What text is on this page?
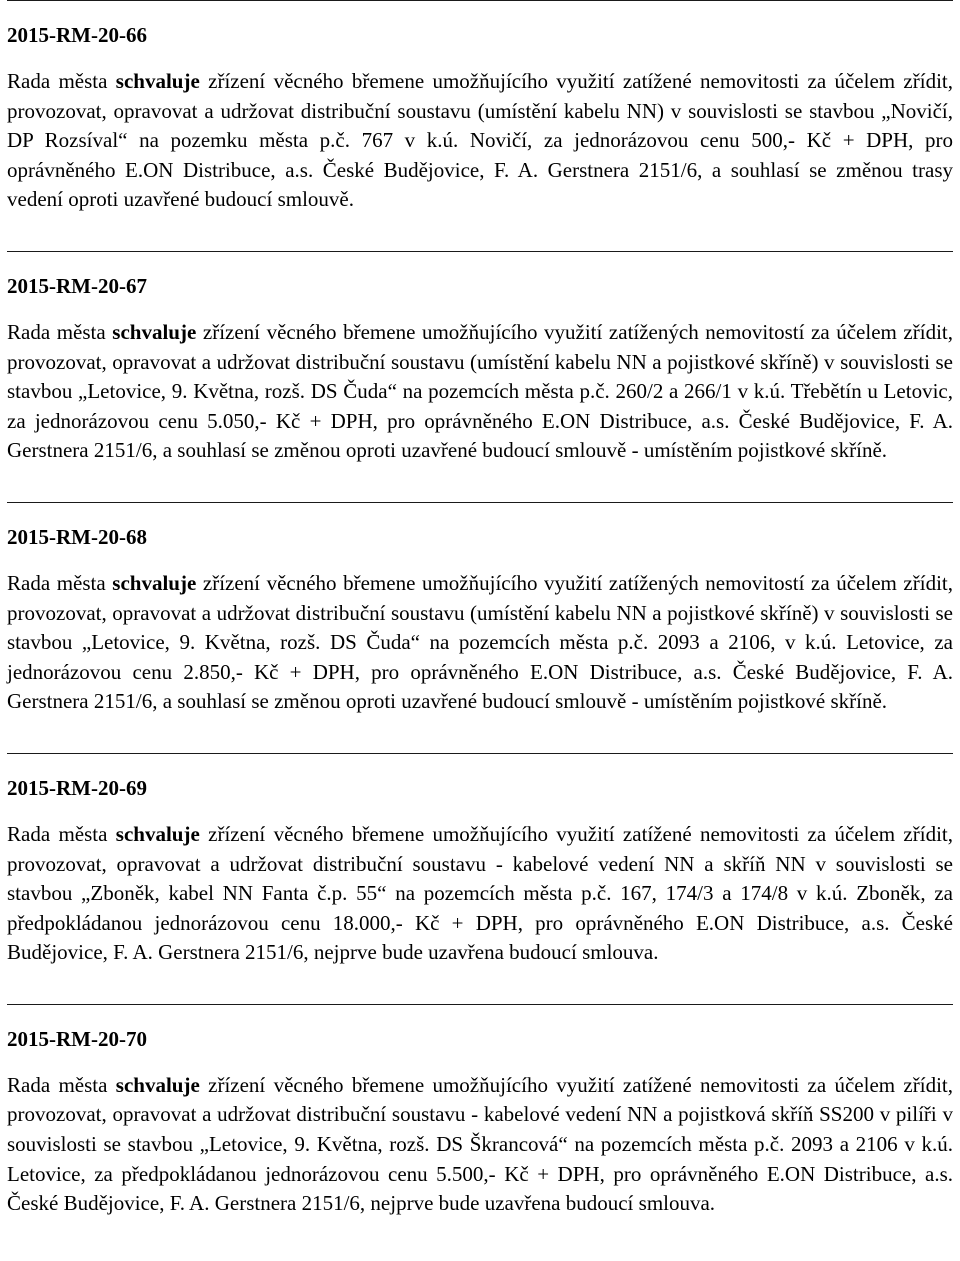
2015-RM-20-66

Rada města schvaluje zřízení věcného břemene umožňujícího využití zatížené nemovitosti za účelem zřídit, provozovat, opravovat a udržovat distribuční soustavu (umístění kabelu NN) v souvislosti se stavbou „Novičí, DP Rozsíval“ na pozemku města p.č. 767 v k.ú. Novičí, za jednorázovou cenu 500,- Kč + DPH, pro oprávněného E.ON Distribuce, a.s. České Budějovice, F. A. Gerstnera 2151/6, a souhlasí se změnou trasy vedení oproti uzavřené budoucí smlouvě.

2015-RM-20-67

Rada města schvaluje zřízení věcného břemene umožňujícího využití zatížených nemovitostí za účelem zřídit, provozovat, opravovat a udržovat distribuční soustavu (umístění kabelu NN a pojistkové skříně) v souvislosti se stavbou „Letovice, 9. Května, rozš. DS Čuda“ na pozemcích města p.č. 260/2 a 266/1 v k.ú. Třebětín u Letovic, za jednorázovou cenu 5.050,- Kč + DPH, pro oprávněného E.ON Distribuce, a.s. České Budějovice, F. A. Gerstnera 2151/6, a souhlasí se změnou oproti uzavřené budoucí smlouvě - umístěním pojistkové skříně.

2015-RM-20-68

Rada města schvaluje zřízení věcného břemene umožňujícího využití zatížených nemovitostí za účelem zřídit, provozovat, opravovat a udržovat distribuční soustavu (umístění kabelu NN a pojistkové skříně) v souvislosti se stavbou „Letovice, 9. Května, rozš. DS Čuda“ na pozemcích města p.č. 2093 a 2106, v k.ú. Letovice, za jednorázovou cenu 2.850,- Kč + DPH, pro oprávněného E.ON Distribuce, a.s. České Budějovice, F. A. Gerstnera 2151/6, a souhlasí se změnou oproti uzavřené budoucí smlouvě - umístěním pojistkové skříně.

2015-RM-20-69

Rada města schvaluje zřízení věcného břemene umožňujícího využití zatížené nemovitosti za účelem zřídit, provozovat, opravovat a udržovat distribuční soustavu - kabelové vedení NN a skříň NN v souvislosti se stavbou „Zboněk, kabel NN Fanta č.p. 55“ na pozemcích města p.č. 167, 174/3 a 174/8 v k.ú. Zboněk, za předpokládanou jednorázovou cenu 18.000,- Kč + DPH, pro oprávněného E.ON Distribuce, a.s. České Budějovice, F. A. Gerstnera 2151/6, nejprve bude uzavřena budoucí smlouva.

2015-RM-20-70

Rada města schvaluje zřízení věcného břemene umožňujícího využití zatížené nemovitosti za účelem zřídit, provozovat, opravovat a udržovat distribuční soustavu - kabelové vedení NN a pojistková skříň SS200 v pilíři v souvislosti se stavbou „Letovice, 9. Května, rozš. DS Škrancová“ na pozemcích města p.č. 2093 a 2106 v k.ú. Letovice, za předpokládanou jednorázovou cenu 5.500,- Kč + DPH, pro oprávněného E.ON Distribuce, a.s. České Budějovice, F. A. Gerstnera 2151/6, nejprve bude uzavřena budoucí smlouva.
